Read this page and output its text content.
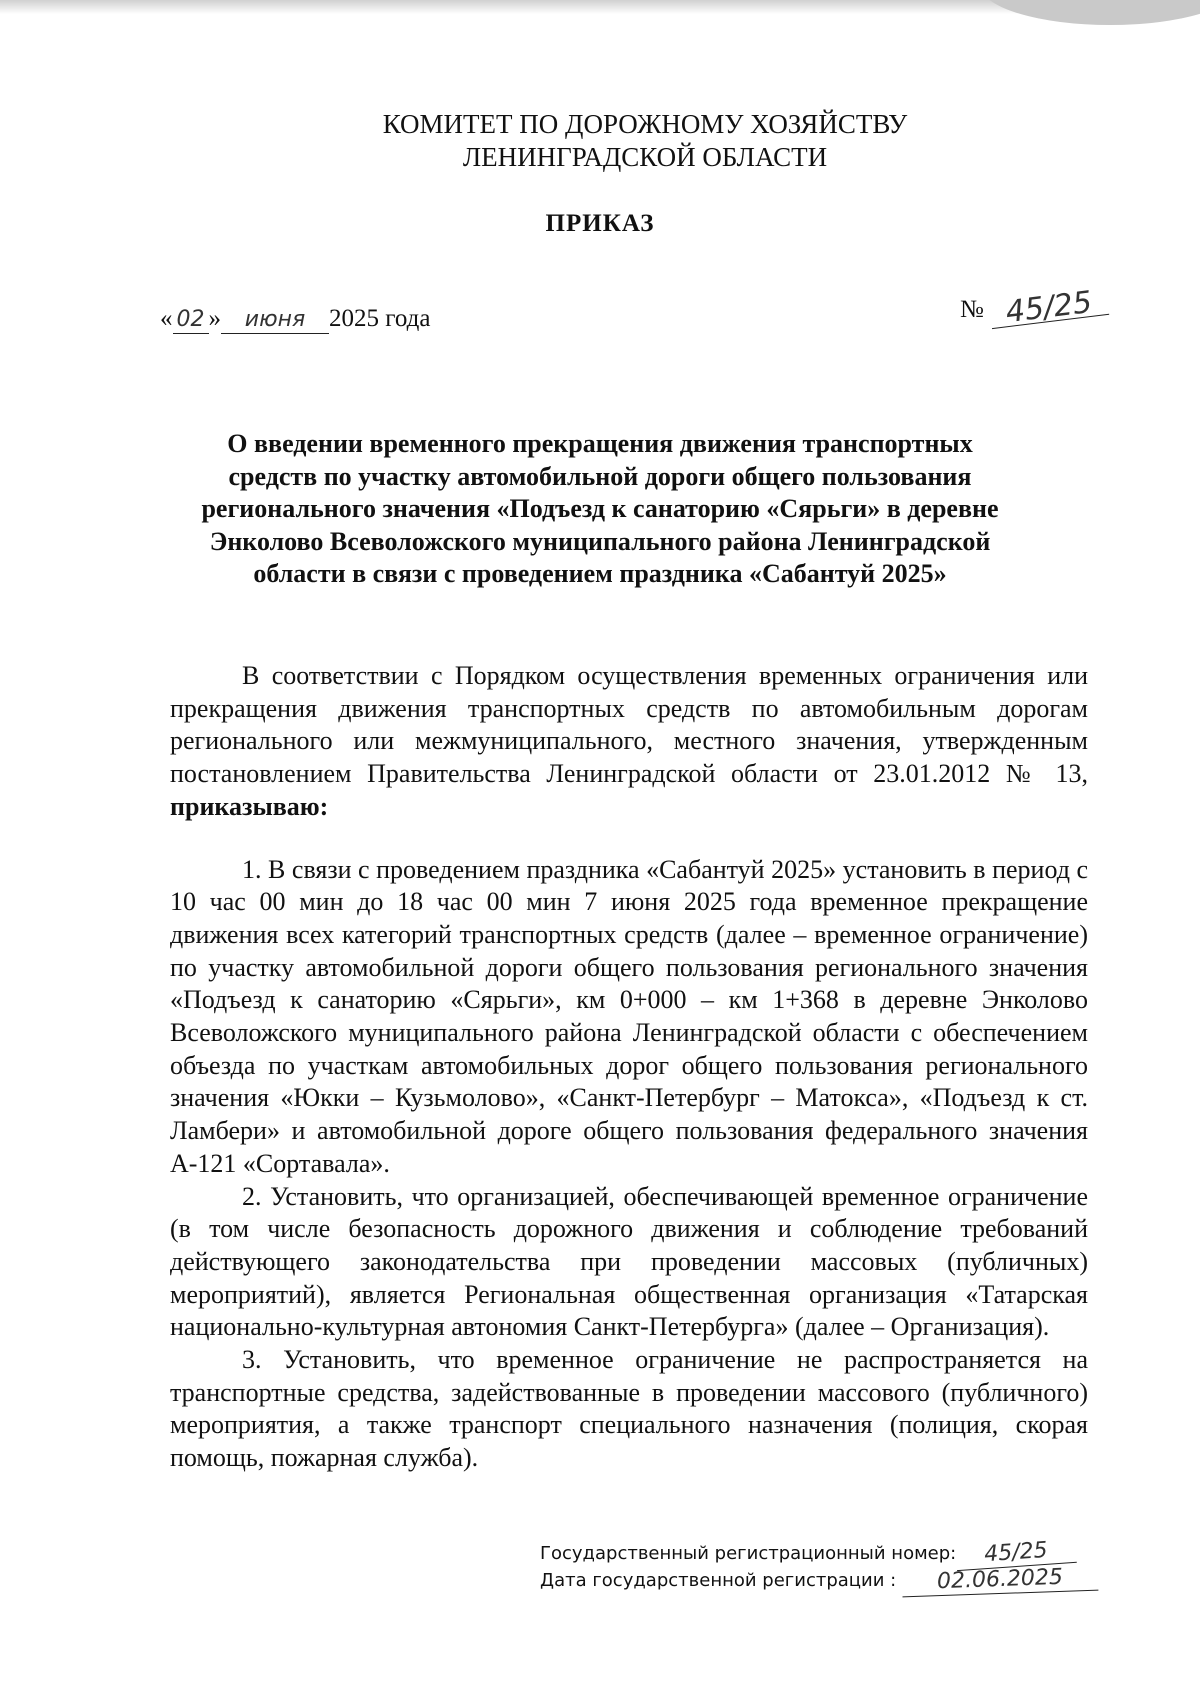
КОМИТЕТ ПО ДОРОЖНОМУ ХОЗЯЙСТВУ
ЛЕНИНГРАДСКОЙ ОБЛАСТИ
ПРИКАЗ
« 02 » июня 2025 года	№ 45/25
О введении временного прекращения движения транспортных
средств по участку автомобильной дороги общего пользования
регионального значения «Подъезд к санаторию «Сярьги» в деревне
Энколово Всеволожского муниципального района Ленинградской
области в связи с проведением праздника «Сабантуй 2025»

В соответствии с Порядком осуществления временных ограничения или прекращения движения транспортных средств по автомобильным дорогам регионального или межмуниципального, местного значения, утвержденным постановлением Правительства Ленинградской области от 23.01.2012 № 13, приказываю:

1. В связи с проведением праздника «Сабантуй 2025» установить в период с 10 час 00 мин до 18 час 00 мин 7 июня 2025 года временное прекращение движения всех категорий транспортных средств (далее – временное ограничение) по участку автомобильной дороги общего пользования регионального значения «Подъезд к санаторию «Сярьги», км 0+000 – км 1+368 в деревне Энколово Всеволожского муниципального района Ленинградской области с обеспечением объезда по участкам автомобильных дорог общего пользования регионального значения «Юкки – Кузьмолово», «Санкт-Петербург – Матокса», «Подъезд к ст. Ламбери» и автомобильной дороге общего пользования федерального значения А-121 «Сортавала».

2. Установить, что организацией, обеспечивающей временное ограничение (в том числе безопасность дорожного движения и соблюдение требований действующего законодательства при проведении массовых (публичных) мероприятий), является Региональная общественная организация «Татарская национально-культурная автономия Санкт-Петербурга» (далее – Организация).

3. Установить, что временное ограничение не распространяется на транспортные средства, задействованные в проведении массового (публичного) мероприятия, а также транспорт специального назначения (полиция, скорая помощь, пожарная служба).

Государственный регистрационный номер: 45/25
Дата государственной регистрации : 02.06.2025
